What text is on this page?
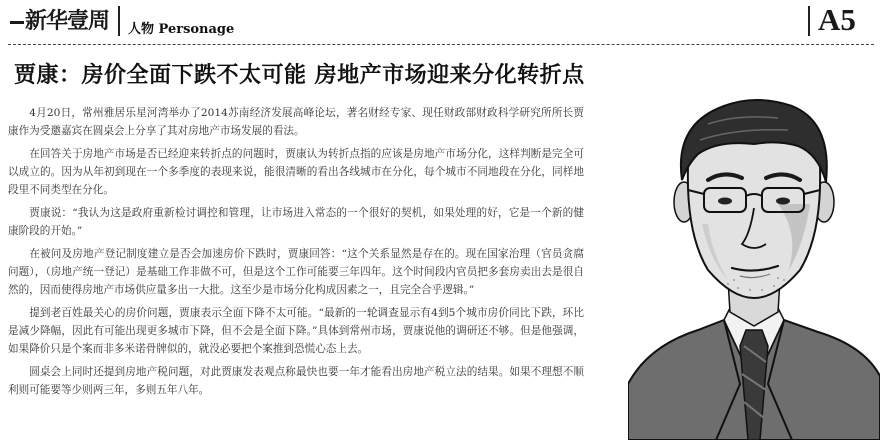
新华壹周 人物 Personage	A5
贾康：房价全面下跌不太可能 房地产市场迎来分化转折点

4月20日，常州雅居乐星河湾举办了2014苏南经济发展高峰论坛，著名财经专家、现任财政部财政科学研究所所长贾康作为受邀嘉宾在圆桌会上分享了其对房地产市场发展的看法。

在回答关于房地产市场是否已经迎来转折点的问题时，贾康认为转折点指的应该是房地产市场分化，这样判断是完全可以成立的。因为从年初到现在一个多季度的表现来说，能很清晰的看出各线城市在分化，每个城市不同地段在分化，同样地段里不同类型在分化。

贾康说：“我认为这是政府重新检讨调控和管理，让市场进入常态的一个很好的契机，如果处理的好，它是一个新的健康阶段的开始。”

在被问及房地产登记制度建立是否会加速房价下跌时，贾康回答：“这个关系显然是存在的。现在国家治理（官员贪腐问题），（房地产统一登记）是基础工作非做不可，但是这个工作可能要三年四年。这个时间段内官员把多套房卖出去是很自然的，因而使得房地产市场供应量多出一大批。这至少是市场分化构成因素之一，且完全合乎逻辑。”

提到老百姓最关心的房价问题，贾康表示全面下降不太可能。“最新的一轮调查显示有4到5个城市房价同比下跌，环比是减少降幅，因此有可能出现更多城市下降，但不会是全面下降。”具体到常州市场，贾康说他的调研还不够。但是他强调，如果降价只是个案而非多米诺骨牌似的，就没必要把个案推到恐慌心态上去。

圆桌会上同时还提到房地产税问题，对此贾康发表观点称最快也要一年才能看出房地产税立法的结果。如果不理想不顺利则可能要等少则两三年，多则五年八年。
